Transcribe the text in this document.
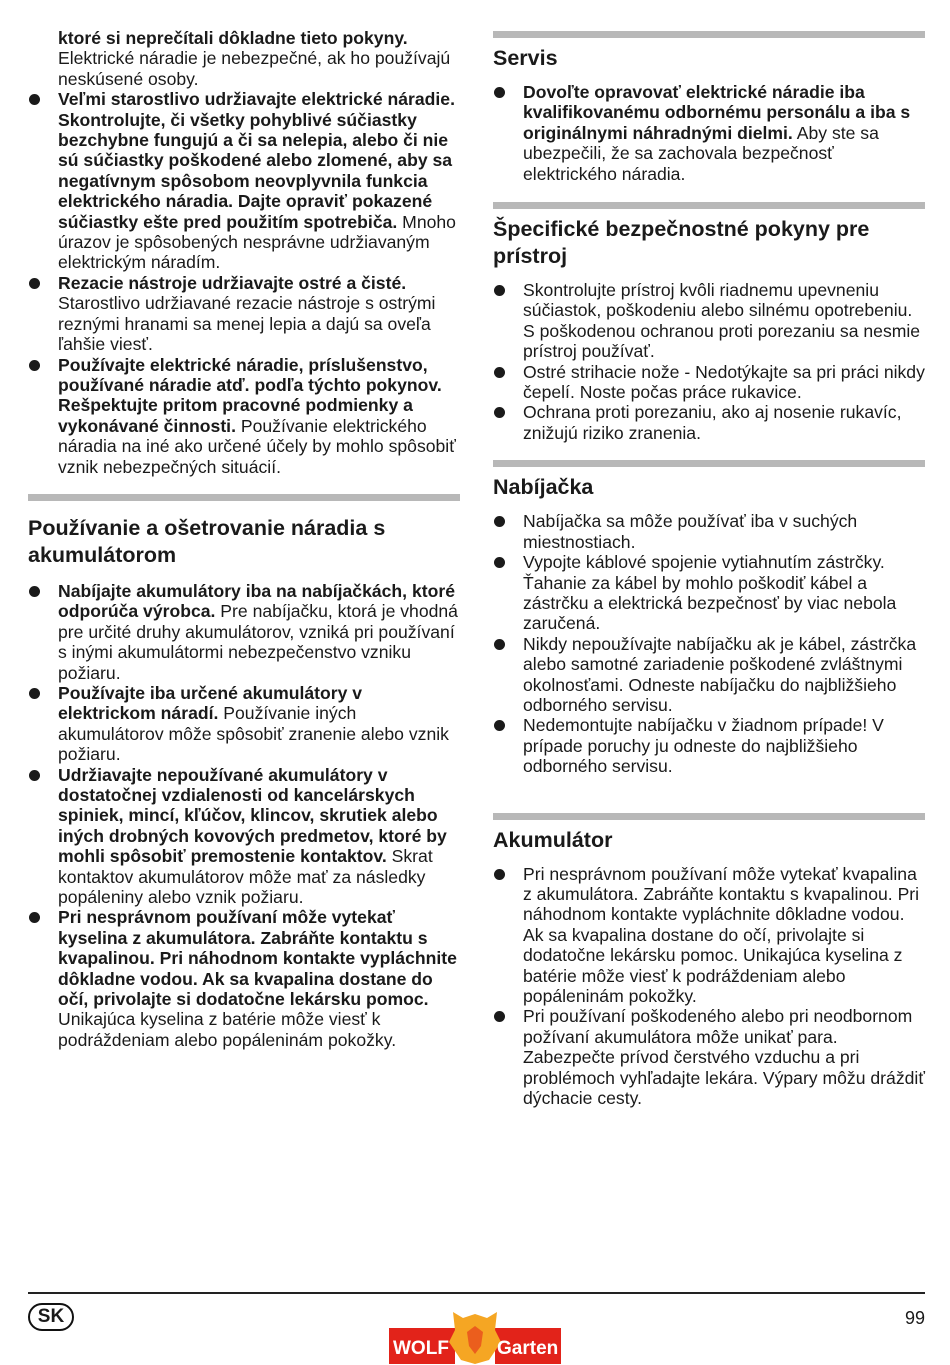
ktoré si neprečítali dôkladne tieto pokyny. Elektrické náradie je nebezpečné, ak ho používajú neskúsené osoby.

Veľmi starostlivo udržiavajte elektrické náradie. Skontrolujte, či všetky pohyblivé súčiastky bezchybne fungujú a či sa nelepia, alebo či nie sú súčiastky poškodené alebo zlomené, aby sa negatívnym spôsobom neovplyvnila funkcia elektrického náradia. Dajte opraviť pokazené súčiastky ešte pred použitím spotrebiča. Mnoho úrazov je spôsobených nesprávne udržiavaným elektrickým náradím.
Rezacie nástroje udržiavajte ostré a čisté. Starostlivo udržiavané rezacie nástroje s ostrými reznými hranami sa menej lepia a dajú sa oveľa ľahšie viesť.
Používajte elektrické náradie, príslušenstvo, používané náradie atď. podľa týchto pokynov. Rešpektujte pritom pracovné podmienky a vykonávané činnosti. Používanie elektrického náradia na iné ako určené účely by mohlo spôsobiť vznik nebezpečných situácií.
Používanie a ošetrovanie náradia s akumulátorom
Nabíjajte akumulátory iba na nabíjačkách, ktoré odporúča výrobca. Pre nabíjačku, ktorá je vhodná pre určité druhy akumulátorov, vzniká pri používaní s inými akumulátormi nebezpečenstvo vzniku požiaru.
Používajte iba určené akumulátory v elektrickom náradí. Používanie iných akumulátorov môže spôsobiť zranenie alebo vznik požiaru.
Udržiavajte nepoužívané akumulátory v dostatočnej vzdialenosti od kancelárskych spiniek, mincí, kľúčov, klincov, skrutiek alebo iných drobných kovových predmetov, ktoré by mohli spôsobiť premostenie kontaktov. Skrat kontaktov akumulátorov môže mať za následky popáleniny alebo vznik požiaru.
Pri nesprávnom používaní môže vytekať kyselina z akumulátora. Zabráňte kontaktu s kvapalinou. Pri náhodnom kontakte vypláchnite dôkladne vodou. Ak sa kvapalina dostane do očí, privolajte si dodatočne lekársku pomoc. Unikajúca kyselina z batérie môže viesť k podráždeniam alebo popáleninám pokožky.
Servis
Dovoľte opravovať elektrické náradie iba kvalifikovanému odbornému personálu a iba s originálnymi náhradnými dielmi. Aby ste sa ubezpečili, že sa zachovala bezpečnosť elektrického náradia.
Špecifické bezpečnostné pokyny pre prístroj
Skontrolujte prístroj kvôli riadnemu upevneniu súčiastok, poškodeniu alebo silnému opotrebeniu. S poškodenou ochranou proti porezaniu sa nesmie prístroj používať.
Ostré strihacie nože - Nedotýkajte sa pri práci nikdy čepelí. Noste počas práce rukavice.
Ochrana proti porezaniu, ako aj nosenie rukavíc, znižujú riziko zranenia.
Nabíjačka
Nabíjačka sa môže používať iba v suchých miestnostiach.
Vypojte káblové spojenie vytiahnutím zástrčky. Ťahanie za kábel by mohlo poškodiť kábel a zástrčku a elektrická bezpečnosť by viac nebola zaručená.
Nikdy nepoužívajte nabíjačku ak je kábel, zástrčka alebo samotné zariadenie poškodené zvláštnymi okolnosťami. Odneste nabíjačku do najbližšieho odborného servisu.
Nedemontujte nabíjačku v žiadnom prípade! V prípade poruchy ju odneste do najbližšieho odborného servisu.
Akumulátor
Pri nesprávnom používaní môže vytekať kvapalina z akumulátora. Zabráňte kontaktu s kvapalinou. Pri náhodnom kontakte vypláchnite dôkladne vodou. Ak sa kvapalina dostane do očí, privolajte si dodatočne lekársku pomoc. Unikajúca kyselina z batérie môže viesť k podráždeniam alebo popáleninám pokožky.
Pri používaní poškodeného alebo pri neodbornom požívaní akumulátora môže unikať para. Zabezpečte prívod čerstvého vzduchu a pri problémoch vyhľadajte lekára. Výpary môžu dráždiť dýchacie cesty.
SK	99
WOLF	Garten
